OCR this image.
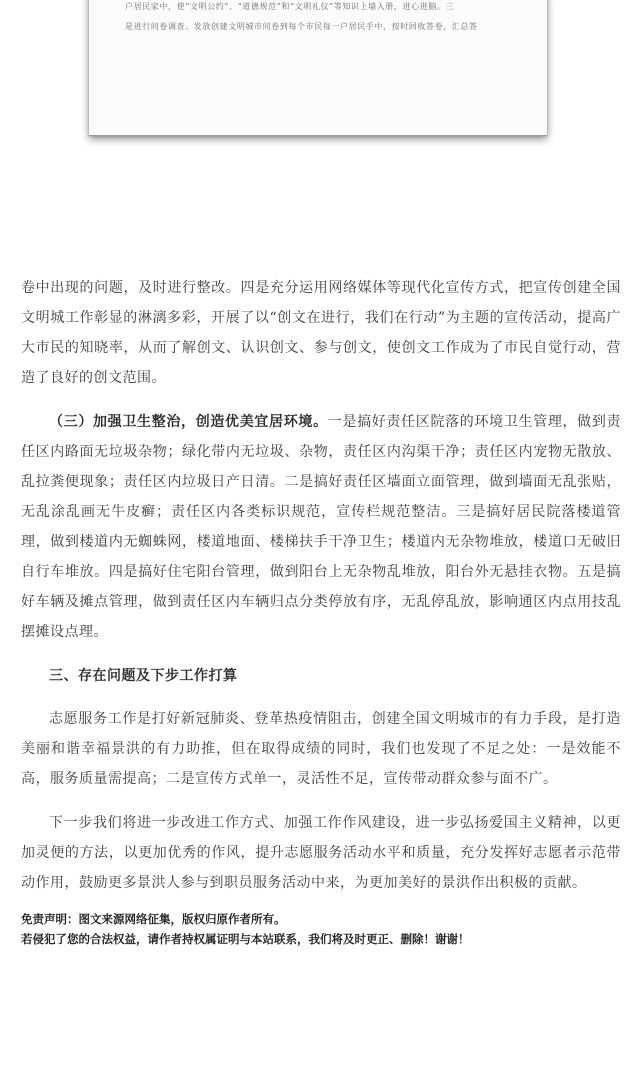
户居民家中，使“文明公约”、“道德规范”和“文明礼仪”等知识上墙入册，进心进脑。三

是进行问卷调查。发放创建文明城市问卷到每个市民每一户居民手中，按时回收答卷，汇总答

卷中出现的问题，及时进行整改。四是充分运用网络媒体等现代化宣传方式，把宣传创建全国文明城工作彰显的淋漓多彩，开展了以“创文在进行，我们在行动”为主题的宣传活动，提高广大市民的知晓率，从而了解创文、认识创文、参与创文，使创文工作成为了市民自觉行动，营造了良好的创文范围。

（三）加强卫生整治，创造优美宜居环境。一是搞好责任区院落的环境卫生管理，做到责任区内路面无垃圾杂物；绿化带内无垃圾、杂物，责任区内沟渠干净；责任区内宠物无散放、乱拉粪便现象；责任区内垃圾日产日清。二是搞好责任区墙面立面管理，做到墙面无乱张贴，无乱涂乱画无牛皮癣；责任区内各类标识规范，宣传栏规范整洁。三是搞好居民院落楼道管理，做到楼道内无蜘蛛网，楼道地面、楼梯扶手干净卫生；楼道内无杂物堆放，楼道口无破旧自行车堆放。四是搞好住宅阳台管理，做到阳台上无杂物乱堆放，阳台外无悬挂衣物。五是搞好车辆及摊点管理，做到责任区内车辆归点分类停放有序，无乱停乱放，影响通区内点用技乱摆摊设点理。

三、存在问题及下步工作打算

志愿服务工作是打好新冠肺炎、登革热疫情阻击，创建全国文明城市的有力手段，是打造美丽和谐幸福景洪的有力助推，但在取得成绩的同时，我们也发现了不足之处：一是效能不高，服务质量需提高；二是宣传方式单一，灵活性不足，宣传带动群众参与面不广。

下一步我们将进一步改进工作方式、加强工作作风建设，进一步弘扬爱国主义精神，以更加灵便的方法，以更加优秀的作风，提升志愿服务活动水平和质量，充分发挥好志愿者示范带动作用，鼓励更多景洪人参与到职员服务活动中来，为更加美好的景洪作出积极的贡献。

免责声明：图文来源网络征集，版权归原作者所有。
若侵犯了您的合法权益，请作者持权属证明与本站联系，我们将及时更正、删除！谢谢！
